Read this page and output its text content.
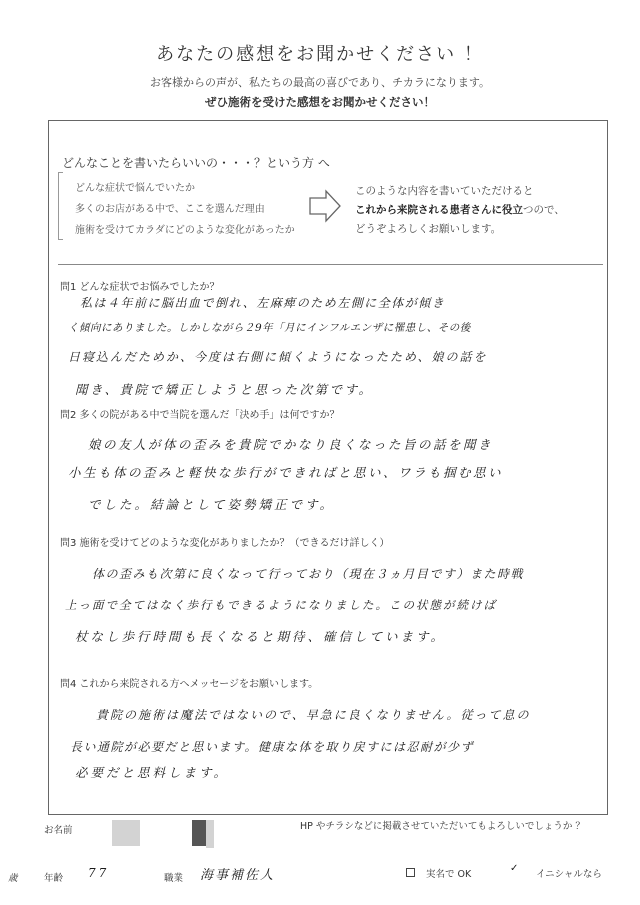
あなたの感想をお聞かせください ！
お客様からの声が、私たちの最高の喜びであり、チカラになります。
ぜひ施術を受けた感想をお聞かせください！
どんなことを書いたらいいの・・・？という方 へ
どんな症状で悩んでいたか
多くのお店がある中で、ここを選んだ理由
施術を受けてカラダにどのような変化があったか
このような内容を書いていただけると
これから来院される患者さんに役立つので、
どうぞよろしくお願いします。
問1 どんな症状でお悩みでしたか？
私は４年前に脳出血で倒れ、左麻痺のため左側に全体が傾き
く傾向にありました。しかしながら２9年「月にインフルエンザに罹患し、その後
日寝込んだためか、今度は右側に傾くようになったため、娘の話を
聞き、貴院で矯正しようと思った次第です。
問2 多くの院がある中で当院を選んだ「決め手」は何ですか？
娘の友人が体の歪みを貴院でかなり良くなった旨の話を聞き
小生も体の歪みと軽快な歩行ができればと思い、ワラも掴む思い
でした。結論として姿勢矯正です。
問3 施術を受けてどのような変化がありましたか？（できるだけ詳しく）
体の歪みも次第に良くなって行っており（現在３ヵ月目です）また時戦
上っ面で全てはなく歩行もできるようになりました。この状態が続けば
杖なし歩行時間も長くなると期待、確信しています。
問4 これから来院される方へメッセージをお願いします。
貴院の施術は魔法ではないので、早急に良くなりません。従って息の
長い通院が必要だと思います。健康な体を取り戻すには忍耐が少ず
必要だと思料します。
お名前	HP やチラシなどに掲載させていただいてもよろしいでしょうか ？
歳	年齢 77	職業 海事補佐人	実名で OK
✓
イニシャルなら
